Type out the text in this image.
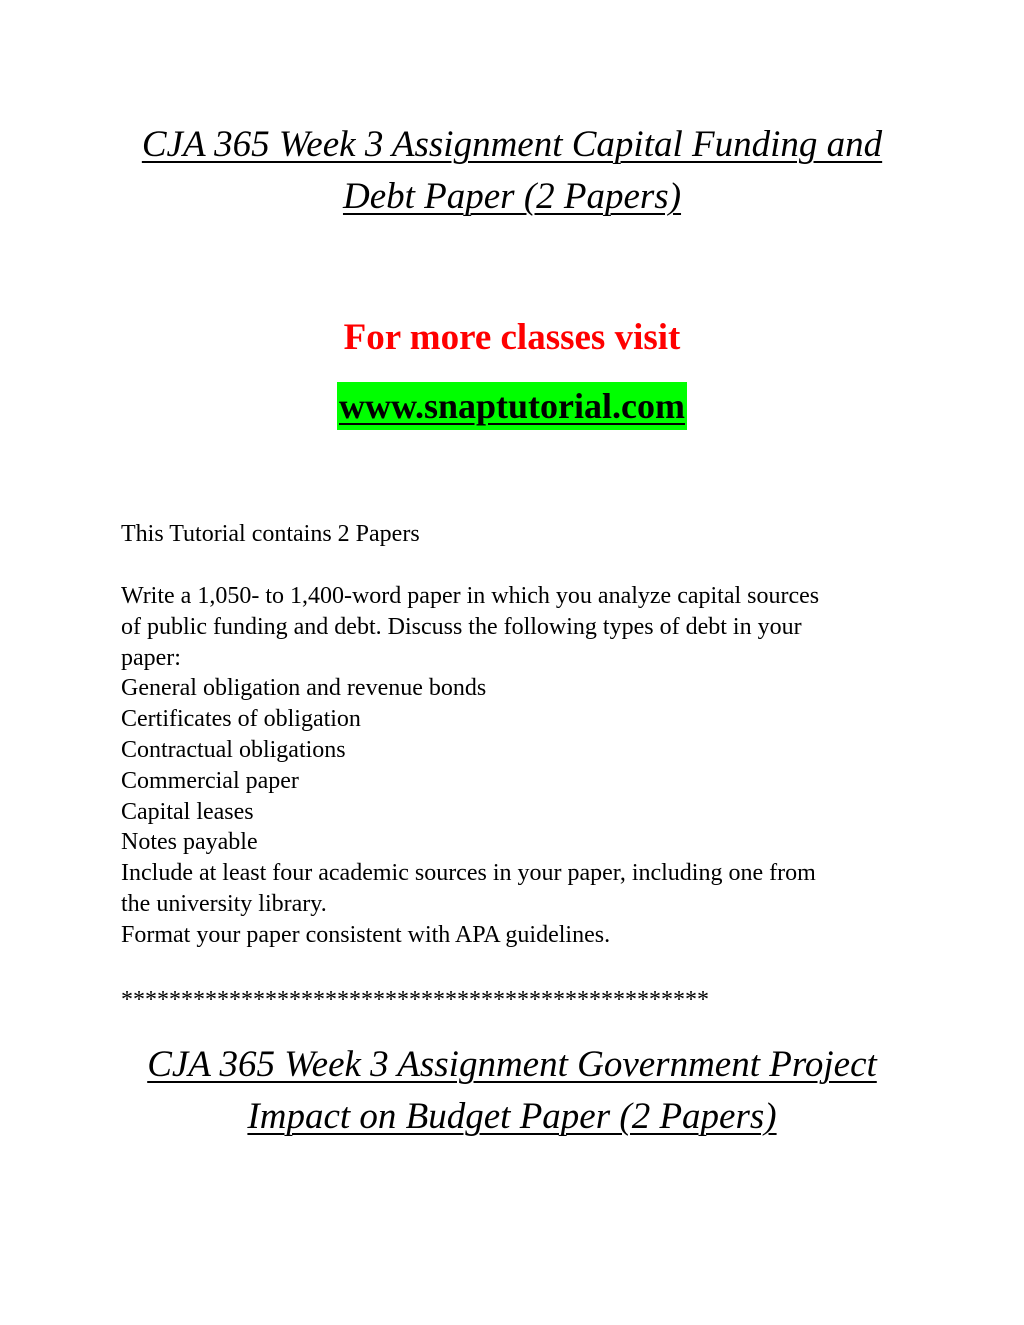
CJA 365 Week 3 Assignment Capital Funding and
Debt Paper (2 Papers)
For more classes visit
www.snaptutorial.com
This Tutorial contains 2 Papers
Write a 1,050- to 1,400-word paper in which you analyze capital sources
of public funding and debt. Discuss the following types of debt in your
paper:
General obligation and revenue bonds
Certificates of obligation
Contractual obligations
Commercial paper
Capital leases
Notes payable
Include at least four academic sources in your paper, including one from
the university library.
Format your paper consistent with APA guidelines.
*************************************************
CJA 365 Week 3 Assignment Government Project
Impact on Budget Paper (2 Papers)
